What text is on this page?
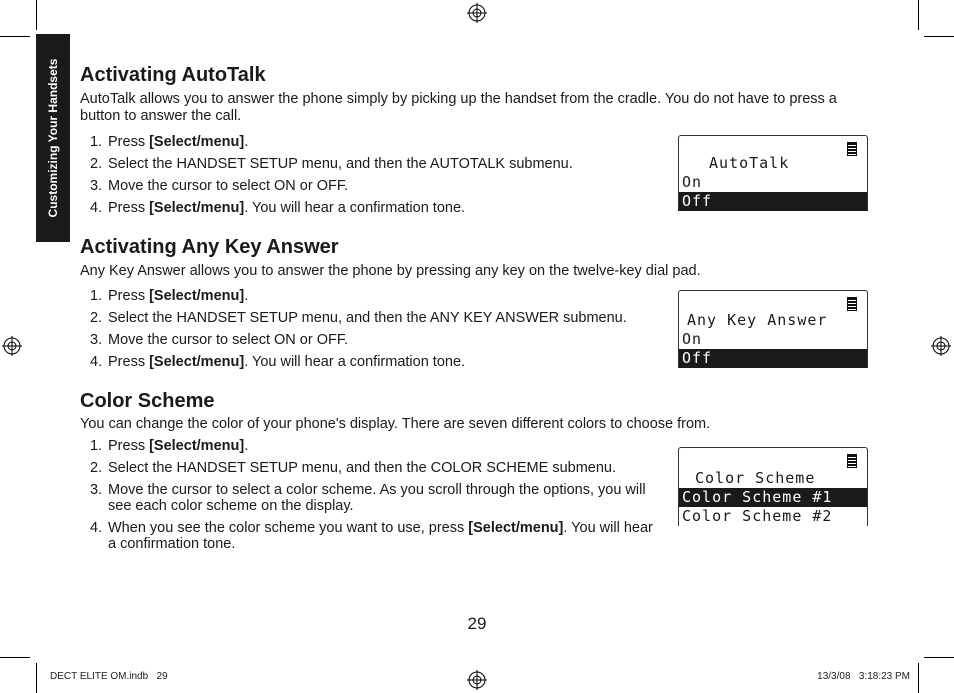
Customizing Your Handsets Activating AutoTalk

AutoTalk allows you to answer the phone simply by picking up the handset from the cradle. You do not have to press a button to answer the call.

1. Press [Select/menu].
2. Select the HANDSET SETUP menu, and then the AUTOTALK submenu.
3. Move the cursor to select ON or OFF.
4. Press [Select/menu]. You will hear a confirmation tone.
AutoTalk
On
Off
Activating Any Key Answer

Any Key Answer allows you to answer the phone by pressing any key on the twelve-key dial pad.

1. Press [Select/menu].
2. Select the HANDSET SETUP menu, and then the ANY KEY ANSWER submenu.
3. Move the cursor to select ON or OFF.
4. Press [Select/menu]. You will hear a confirmation tone.
Any Key Answer
On
Off
Color Scheme

You can change the color of your phone's display. There are seven different colors to choose from.

1. Press [Select/menu].
2. Select the HANDSET SETUP menu, and then the COLOR SCHEME submenu.
3. Move the cursor to select a color scheme. As you scroll through the options, you will see each color scheme on the display.
4. When you see the color scheme you want to use, press [Select/menu]. You will hear a confirmation tone.
Color Scheme
Color Scheme #1
Color Scheme #2
29
DECT ELITE OM.indb   29	13/3/08   3:18:23 PM
